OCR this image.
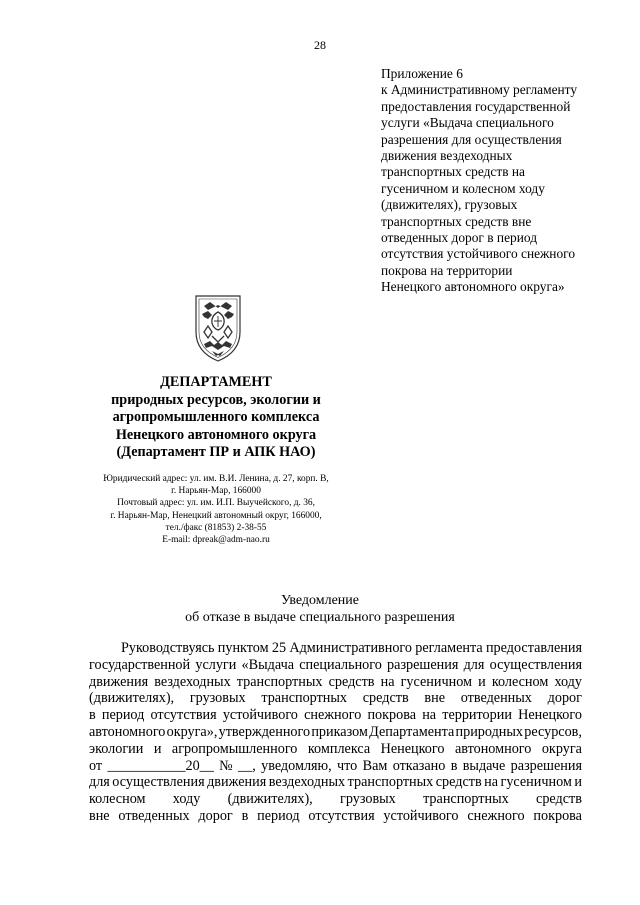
28
Приложение 6
к Административному регламенту
предоставления государственной
услуги «Выдача специального
разрешения для осуществления
движения вездеходных
транспортных средств на
гусеничном и колесном ходу
(движителях), грузовых
транспортных средств вне
отведенных дорог в период
отсутствия устойчивого снежного
покрова на территории
Ненецкого автономного округа»
ДЕПАРТАМЕНТ
природных ресурсов, экологии и
агропромышленного комплекса
Ненецкого автономного округа
(Департамент ПР и АПК НАО)
Юридический адрес: ул. им. В.И. Ленина, д. 27, корп. В,
г. Нарьян-Мар, 166000
Почтовый адрес: ул. им. И.П. Выучейского, д. 36,
г. Нарьян-Мар, Ненецкий автономный округ, 166000,
тел./факс (81853) 2-38-55
E-mail: dpreak@adm-nao.ru
Уведомление
об отказе в выдаче специального разрешения
Руководствуясь пунктом 25 Административного регламента предоставления
государственной услуги «Выдача специального разрешения для осуществления
движения вездеходных транспортных средств на гусеничном и колесном ходу
(движителях), грузовых транспортных средств вне отведенных дорог
в период отсутствия устойчивого снежного покрова на территории Ненецкого
автономного округа», утвержденного приказом Департамента природных ресурсов,
экологии и агропромышленного комплекса Ненецкого автономного округа
от ___________20__ № __, уведомляю, что Вам отказано в выдаче разрешения
для осуществления движения вездеходных транспортных средств на гусеничном и
колесном ходу (движителях), грузовых транспортных средств
вне отведенных дорог в период отсутствия устойчивого снежного покрова
